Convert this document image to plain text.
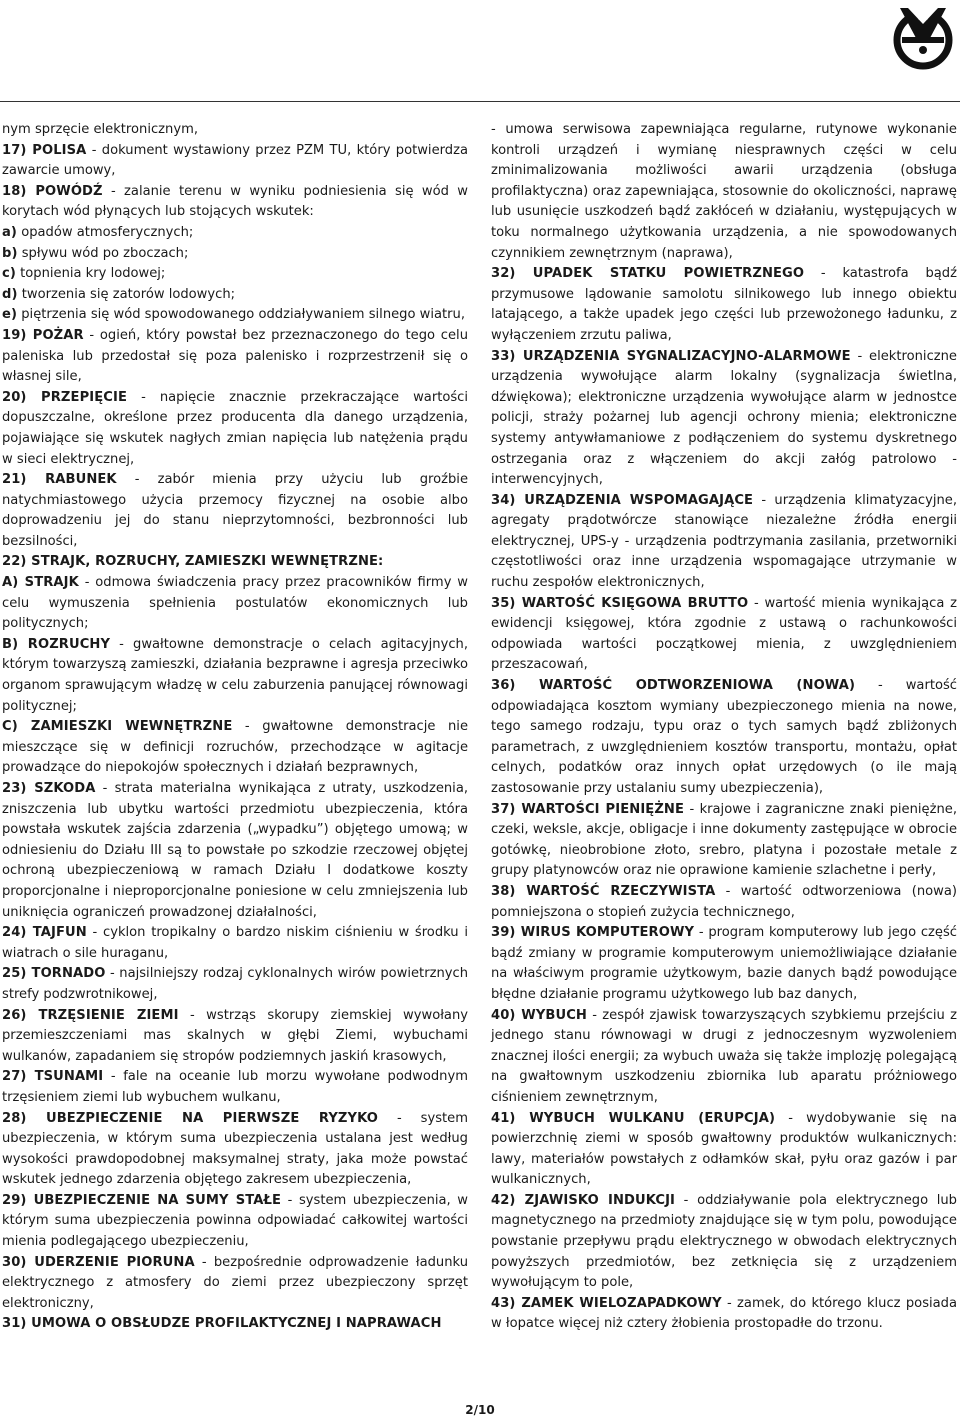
nym sprzęcie elektronicznym,

17) POLISA - dokument wystawiony przez PZM TU, który potwierdza zawarcie umowy,

18) POWÓDŹ - zalanie terenu w wyniku podniesienia się wód w korytach wód płynących lub stojących wskutek:

a) opadów atmosferycznych;

b) spływu wód po zboczach;

c) topnienia kry lodowej;

d) tworzenia się zatorów lodowych;

e) piętrzenia się wód spowodowanego oddziaływaniem silnego wiatru,

19) POŻAR - ogień, który powstał bez przeznaczonego do tego celu paleniska lub przedostał się poza palenisko i rozprzestrzenił się o własnej sile,

20) PRZEPIĘCIE - napięcie znacznie przekraczające wartości dopuszczalne, określone przez producenta dla danego urządzenia, pojawiające się wskutek nagłych zmian napięcia lub natężenia prądu w sieci elektrycznej,

21) RABUNEK - zabór mienia przy użyciu lub groźbie natychmiastowego użycia przemocy fizycznej na osobie albo doprowadzeniu jej do stanu nieprzytomności, bezbronności lub bezsilności,

22) STRAJK, ROZRUCHY, ZAMIESZKI WEWNĘTRZNE:

A) STRAJK - odmowa świadczenia pracy przez pracowników firmy w celu wymuszenia spełnienia postulatów ekonomicznych lub politycznych;

B) ROZRUCHY - gwałtowne demonstracje o celach agitacyjnych, którym towarzyszą zamieszki, działania bezprawne i agresja przeciwko organom sprawującym władzę w celu zaburzenia panującej równowagi politycznej;

C) ZAMIESZKI WEWNĘTRZNE - gwałtowne demonstracje nie mieszczące się w definicji rozruchów, przechodzące w agitacje prowadzące do niepokojów społecznych i działań bezprawnych,

23) SZKODA - strata materialna wynikająca z utraty, uszkodzenia, zniszczenia lub ubytku wartości przedmiotu ubezpieczenia, która powstała wskutek zajścia zdarzenia („wypadku”) objętego umową; w odniesieniu do Działu III są to powstałe po szkodzie rzeczowej objętej ochroną ubezpieczeniową w ramach Działu I dodatkowe koszty proporcjonalne i nieproporcjonalne poniesione w celu zmniejszenia lub uniknięcia ograniczeń prowadzonej działalności,

24) TAJFUN - cyklon tropikalny o bardzo niskim ciśnieniu w środku i wiatrach o sile huraganu,

25) TORNADO - najsilniejszy rodzaj cyklonalnych wirów powietrznych strefy podzwrotnikowej,

26) TRZĘSIENIE ZIEMI - wstrząs skorupy ziemskiej wywołany przemieszczeniami mas skalnych w głębi Ziemi, wybuchami wulkanów, zapadaniem się stropów podziemnych jaskiń krasowych,

27) TSUNAMI - fale na oceanie lub morzu wywołane podwodnym trzęsieniem ziemi lub wybuchem wulkanu,

28) UBEZPIECZENIE NA PIERWSZE RYZYKO - system ubezpieczenia, w którym suma ubezpieczenia ustalana jest według wysokości prawdopodobnej maksymalnej straty, jaka może powstać wskutek jednego zdarzenia objętego zakresem ubezpieczenia,

29) UBEZPIECZENIE NA SUMY STAŁE - system ubezpieczenia, w którym suma ubezpieczenia powinna odpowiadać całkowitej wartości mienia podlegającego ubezpieczeniu,

30) UDERZENIE PIORUNA - bezpośrednie odprowadzenie ładunku elektrycznego z atmosfery do ziemi przez ubezpieczony sprzęt elektroniczny,

31) UMOWA O OBSŁUDZE PROFILAKTYCZNEJ I NAPRAWACH

- umowa serwisowa zapewniająca regularne, rutynowe wykonanie kontroli urządzeń i wymianę niesprawnych części w celu zminimalizowania możliwości awarii urządzenia (obsługa profilaktyczna) oraz zapewniająca, stosownie do okoliczności, naprawę lub usunięcie uszkodzeń bądź zakłóceń w działaniu, występujących w toku normalnego użytkowania urządzenia, a nie spowodowanych czynnikiem zewnętrznym (naprawa),

32) UPADEK STATKU POWIETRZNEGO - katastrofa bądź przymusowe lądowanie samolotu silnikowego lub innego obiektu latającego, a także upadek jego części lub przewożonego ładunku, z wyłączeniem zrzutu paliwa,

33) URZĄDZENIA SYGNALIZACYJNO-ALARMOWE - elektroniczne urządzenia wywołujące alarm lokalny (sygnalizacja świetlna, dźwiękowa); elektroniczne urządzenia wywołujące alarm w jednostce policji, straży pożarnej lub agencji ochrony mienia; elektroniczne systemy antywłamaniowe z podłączeniem do systemu dyskretnego ostrzegania oraz z włączeniem do akcji załóg patrolowo - interwencyjnych,

34) URZĄDZENIA WSPOMAGAJĄCE - urządzenia klimatyzacyjne, agregaty prądotwórcze stanowiące niezależne źródła energii elektrycznej, UPS-y - urządzenia podtrzymania zasilania, przetworniki częstotliwości oraz inne urządzenia wspomagające utrzymanie w ruchu zespołów elektronicznych,

35) WARTOŚĆ KSIĘGOWA BRUTTO - wartość mienia wynikająca z ewidencji księgowej, która zgodnie z ustawą o rachunkowości odpowiada wartości początkowej mienia, z uwzględnieniem przeszacowań,

36) WARTOŚĆ ODTWORZENIOWA (NOWA) - wartość odpowiadająca kosztom wymiany ubezpieczonego mienia na nowe, tego samego rodzaju, typu oraz o tych samych bądź zbliżonych parametrach, z uwzględnieniem kosztów transportu, montażu, opłat celnych, podatków oraz innych opłat urzędowych (o ile mają zastosowanie przy ustalaniu sumy ubezpieczenia),

37) WARTOŚCI PIENIĘŻNE - krajowe i zagraniczne znaki pieniężne, czeki, weksle, akcje, obligacje i inne dokumenty zastępujące w obrocie gotówkę, nieobrobione złoto, srebro, platyna i pozostałe metale z grupy platynowców oraz nie oprawione kamienie szlachetne i perły,

38) WARTOŚĆ RZECZYWISTA - wartość odtworzeniowa (nowa) pomniejszona o stopień zużycia technicznego,

39) WIRUS KOMPUTEROWY - program komputerowy lub jego część bądź zmiany w programie komputerowym uniemożliwiające działanie na właściwym programie użytkowym, bazie danych bądź powodujące błędne działanie programu użytkowego lub baz danych,

40) WYBUCH - zespół zjawisk towarzyszących szybkiemu przejściu z jednego stanu równowagi w drugi z jednoczesnym wyzwoleniem znacznej ilości energii; za wybuch uważa się także implozję polegającą na gwałtownym uszkodzeniu zbiornika lub aparatu próżniowego ciśnieniem zewnętrznym,

41) WYBUCH WULKANU (ERUPCJA) - wydobywanie się na powierzchnię ziemi w sposób gwałtowny produktów wulkanicznych: lawy, materiałów powstałych z odłamków skał, pyłu oraz gazów i par wulkanicznych,

42) ZJAWISKO INDUKCJI - oddziaływanie pola elektrycznego lub magnetycznego na przedmioty znajdujące się w tym polu, powodujące powstanie przepływu prądu elektrycznego w obwodach elektrycznych powyższych przedmiotów, bez zetknięcia się z urządzeniem wywołującym to pole,

43) ZAMEK WIELOZAPADKOWY - zamek, do którego klucz posiada w łopatce więcej niż cztery żłobienia prostopadłe do trzonu.

2/10
